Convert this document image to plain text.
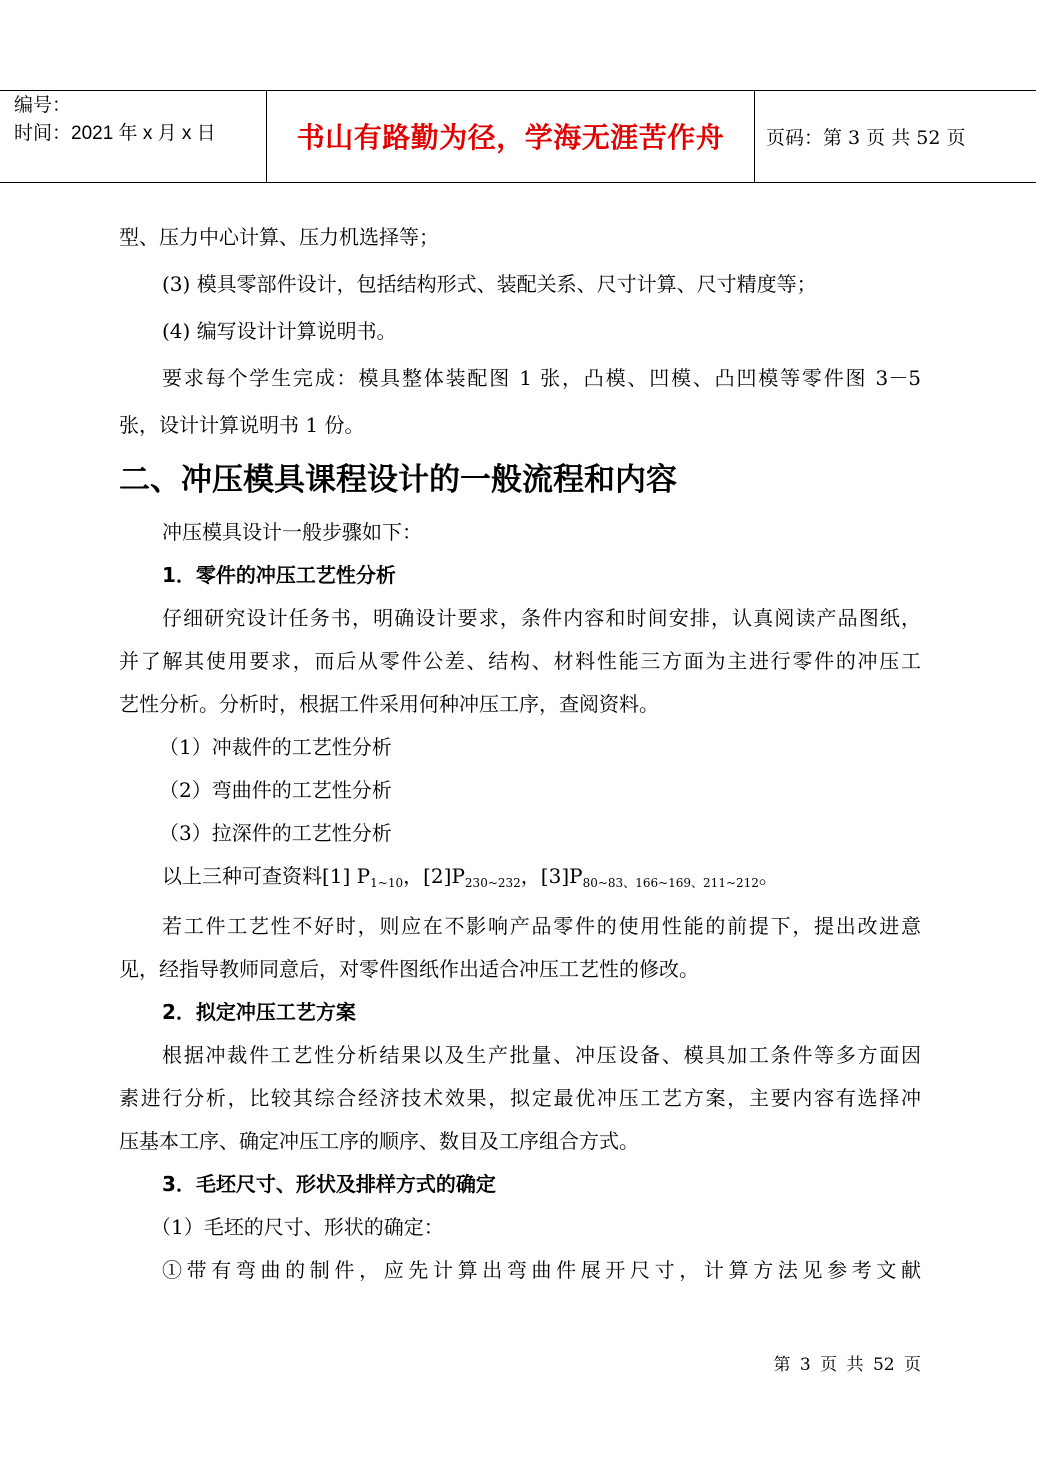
编号：
时间：2021 年 x 月 x 日	书山有路勤为径，学海无涯苦作舟 页码：第 3 页 共 52 页

型、压力中心计算、压力机选择等；

(3) 模具零部件设计，包括结构形式、装配关系、尺寸计算、尺寸精度等；

(4) 编写设计计算说明书。

要求每个学生完成：模具整体装配图 1 张，凸模、凹模、凸凹模等零件图 3－5

张，设计计算说明书 1 份。

二、冲压模具课程设计的一般流程和内容

冲压模具设计一般步骤如下：

1．零件的冲压工艺性分析

仔细研究设计任务书，明确设计要求，条件内容和时间安排，认真阅读产品图纸，

并了解其使用要求，而后从零件公差、结构、材料性能三方面为主进行零件的冲压工

艺性分析。分析时，根据工件采用何种冲压工序，查阅资料。

（1）冲裁件的工艺性分析

（2）弯曲件的工艺性分析

（3）拉深件的工艺性分析

以上三种可查资料[1] $P_{1\sim 10}$，$[2]P_{230\sim 232}$，$[3]P_{80\sim 83、166\sim 169、211\sim 212}$。

若工件工艺性不好时，则应在不影响产品零件的使用性能的前提下，提出改进意

见，经指导教师同意后，对零件图纸作出适合冲压工艺性的修改。

2．拟定冲压工艺方案

根据冲裁件工艺性分析结果以及生产批量、冲压设备、模具加工条件等多方面因

素进行分析，比较其综合经济技术效果，拟定最优冲压工艺方案，主要内容有选择冲

压基本工序、确定冲压工序的顺序、数目及工序组合方式。

3．毛坯尺寸、形状及排样方式的确定

（1）毛坯的尺寸、形状的确定：

①带有弯曲的制件，应先计算出弯曲件展开尺寸，计算方法见参考文献

第 3 页 共 52 页
